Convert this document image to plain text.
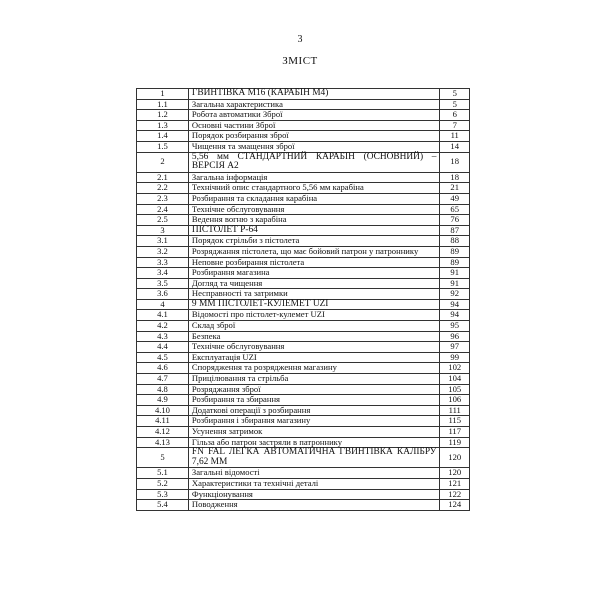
3
ЗМІСТ
1	ГВИНТІВКА М16 (КАРАБІН М4)	5
1.1	Загальна характеристика	5
1.2	Робота автоматики Зброї	6
1.3	Основні частини Зброї	7
1.4	Порядок розбирання зброї	11
1.5	Чищення та змащення зброї	14
2	5,56 мм СТАНДАРТНИЙ КАРАБІН (ОСНОВНИЙ) – ВЕРСІЯ А2	18
2.1	Загальна інформація	18
2.2	Технічний опис стандартного 5,56 мм карабіна	21
2.3	Розбирання та складання карабіна	49
2.4	Технічне обслуговування	65
2.5	Ведення вогню з карабіна	76
3	ПІСТОЛЕТ Р-64	87
3.1	Порядок стрільби з пістолета	88
3.2	Розряджання пістолета, що має бойовий патрон у патроннику	89
3.3	Неповне розбирання пістолета	89
3.4	Розбирання магазина	91
3.5	Догляд та чищення	91
3.6	Несправності та затримки	92
4	9 ММ ПІСТОЛЕТ-КУЛЕМЕТ UZI	94
4.1	Відомості про пістолет-кулемет UZI	94
4.2	Склад зброї	95
4.3	Безпека	96
4.4	Технічне обслуговування	97
4.5	Експлуатація UZI	99
4.6	Спорядження та розрядження магазину	102
4.7	Прицілювання та стрільба	104
4.8	Розряджання зброї	105
4.9	Розбирання та збирання	106
4.10	Додаткові операції з розбирання	111
4.11	Розбирання і збирання магазину	115
4.12	Усунення затримок	117
4.13	Гільза або патрон застряли в патроннику	119
5	FN FAL ЛЕГКА АВТОМАТИЧНА ГВИНТІВКА КАЛІБРУ 7,62 ММ	120
5.1	Загальні відомості	120
5.2	Характеристики та технічні деталі	121
5.3	Функціонування	122
5.4	Поводження	124
